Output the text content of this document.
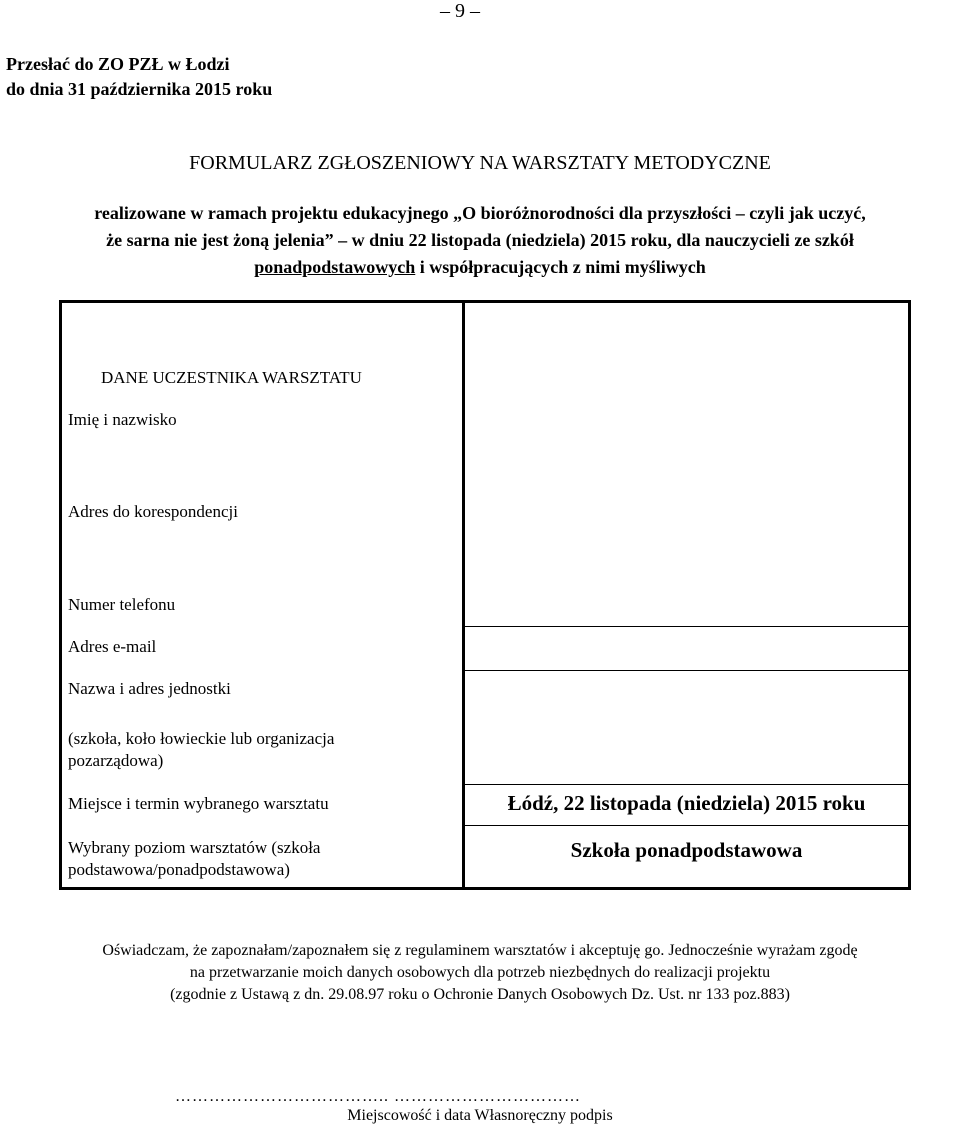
– 9 –
Przesłać do ZO PZŁ w Łodzi
do dnia 31 października 2015 roku
FORMULARZ ZGŁOSZENIOWY NA WARSZTATY METODYCZNE
realizowane w ramach projektu edukacyjnego „O bioróżnorodności dla przyszłości – czyli jak uczyć,
że sarna nie jest żoną jelenia” – w dniu 22 listopada (niedziela) 2015 roku, dla nauczycieli ze szkół
ponadpodstawowych i współpracujących z nimi myśliwych
DANE UCZESTNIKA WARSZTATU
Imię i nazwisko
Adres do korespondencji
Numer telefonu
Adres e-mail
Nazwa i adres jednostki
(szkoła, koło łowieckie lub organizacja
pozarządowa)
Miejsce i termin wybranego warsztatu
Wybrany poziom warsztatów (szkoła
podstawowa/ponadpodstawowa)
Łódź, 22 listopada (niedziela) 2015 roku
Szkoła ponadpodstawowa
Oświadczam, że zapoznałam/zapoznałem się z regulaminem warsztatów i akceptuję go. Jednocześnie wyrażam zgodę
na przetwarzanie moich danych osobowych dla potrzeb niezbędnych do realizacji projektu
(zgodnie z Ustawą z dn. 29.08.97 roku o Ochronie Danych Osobowych Dz. Ust. nr 133 poz.883)
……………………………….. ……………………………
Miejscowość i data Własnoręczny podpis
